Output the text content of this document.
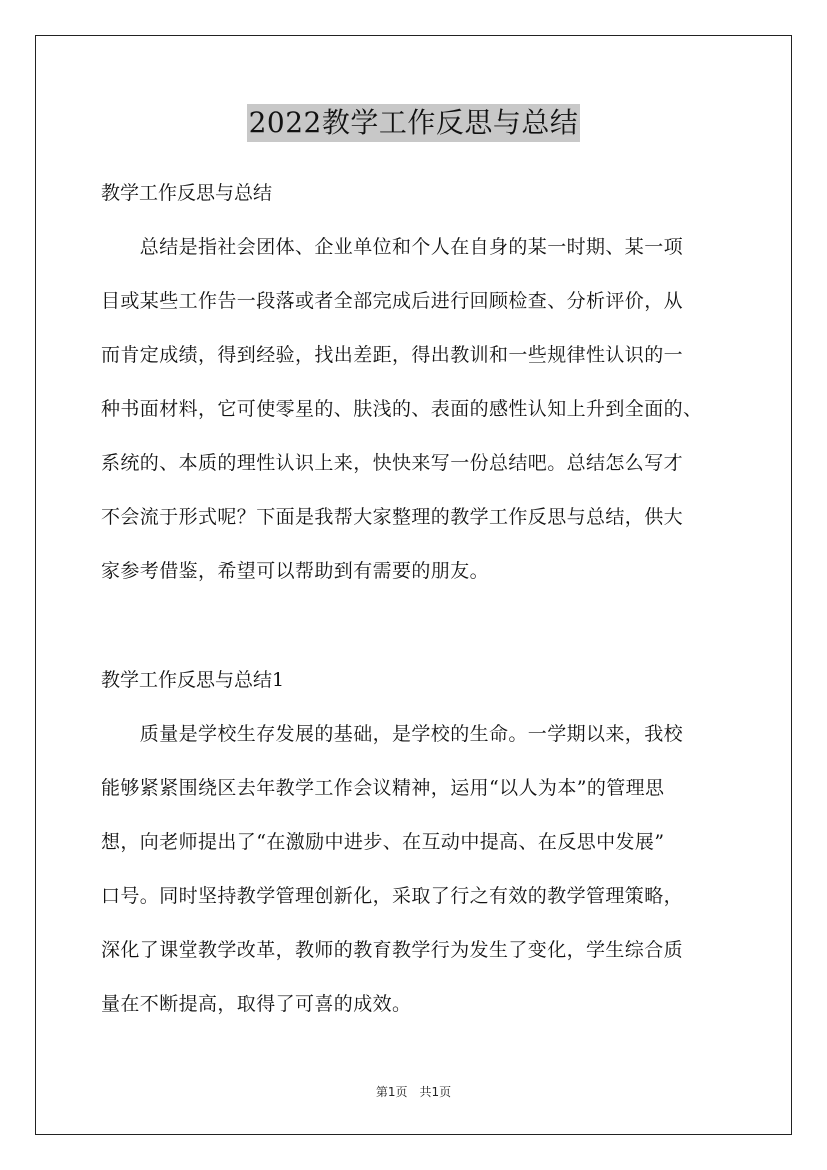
2022教学工作反思与总结
教学工作反思与总结
　　总结是指社会团体、企业单位和个人在自身的某一时期、某一项
目或某些工作告一段落或者全部完成后进行回顾检查、分析评价，从
而肯定成绩，得到经验，找出差距，得出教训和一些规律性认识的一
种书面材料，它可使零星的、肤浅的、表面的感性认知上升到全面的、
系统的、本质的理性认识上来，快快来写一份总结吧。总结怎么写才
不会流于形式呢？下面是我帮大家整理的教学工作反思与总结，供大
家参考借鉴，希望可以帮助到有需要的朋友。
教学工作反思与总结1
　　质量是学校生存发展的基础，是学校的生命。一学期以来，我校
能够紧紧围绕区去年教学工作会议精神，运用“以人为本”的管理思
想，向老师提出了“在激励中进步、在互动中提高、在反思中发展”
口号。同时坚持教学管理创新化，采取了行之有效的教学管理策略，
深化了课堂教学改革，教师的教育教学行为发生了变化，学生综合质
量在不断提高，取得了可喜的成效。
第1页　共1页
